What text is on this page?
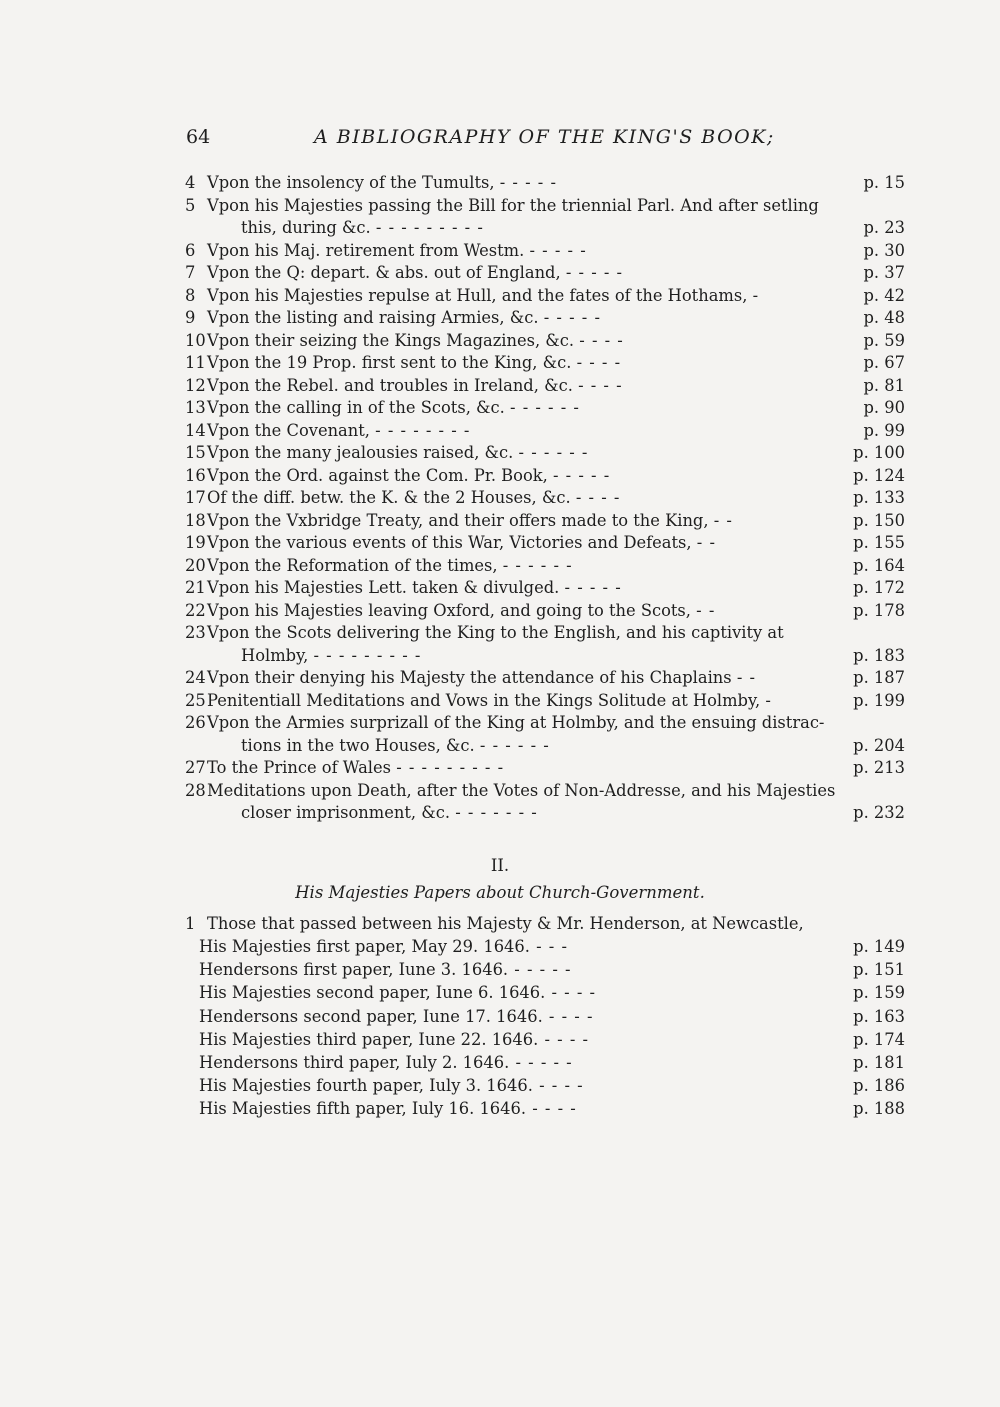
64	A BIBLIOGRAPHY OF THE KING'S BOOK;
4 Vpon the insolency of the Tumults, - - - - -	p. 15
5 Vpon his Majesties passing the Bill for the triennial Parl. And after setling
this, during &c. - - - - - - - - -	p. 23
6 Vpon his Maj. retirement from Westm. - - - - -	p. 30
7 Vpon the Q: depart. & abs. out of England, - - - - -	p. 37
8 Vpon his Majesties repulse at Hull, and the fates of the Hothams, -	p. 42
9 Vpon the listing and raising Armies, &c. - - - - -	p. 48
10 Vpon their seizing the Kings Magazines, &c. - - - -	p. 59
11 Vpon the 19 Prop. first sent to the King, &c. - - - -	p. 67
12 Vpon the Rebel. and troubles in Ireland, &c. - - - -	p. 81
13 Vpon the calling in of the Scots, &c. - - - - - -	p. 90
14 Vpon the Covenant, - - - - - - - -	p. 99
15 Vpon the many jealousies raised, &c. - - - - - -	p. 100
16 Vpon the Ord. against the Com. Pr. Book, - - - - -	p. 124
17 Of the diff. betw. the K. & the 2 Houses, &c. - - - -	p. 133
18 Vpon the Vxbridge Treaty, and their offers made to the King, - -	p. 150
19 Vpon the various events of this War, Victories and Defeats, - -	p. 155
20 Vpon the Reformation of the times, - - - - - -	p. 164
21 Vpon his Majesties Lett. taken & divulged. - - - - -	p. 172
22 Vpon his Majesties leaving Oxford, and going to the Scots, - -	p. 178
23 Vpon the Scots delivering the King to the English, and his captivity at
Holmby, - - - - - - - - -	p. 183
24 Vpon their denying his Majesty the attendance of his Chaplains - -	p. 187
25 Penitentiall Meditations and Vows in the Kings Solitude at Holmby, -	p. 199
26 Vpon the Armies surprizall of the King at Holmby, and the ensuing distrac-
tions in the two Houses, &c. - - - - - -	p. 204
27 To the Prince of Wales - - - - - - - - -	p. 213
28 Meditations upon Death, after the Votes of Non-Addresse, and his Majesties
closer imprisonment, &c. - - - - - - -	p. 232
II.
His Majesties Papers about Church-Government.
1 Those that passed between his Majesty & Mr. Henderson, at Newcastle,
His Majesties first paper, May 29. 1646. - - -	p. 149
Hendersons first paper, Iune 3. 1646. - - - - -	p. 151
His Majesties second paper, Iune 6. 1646. - - - -	p. 159
Hendersons second paper, Iune 17. 1646. - - - -	p. 163
His Majesties third paper, Iune 22. 1646. - - - -	p. 174
Hendersons third paper, Iuly 2. 1646. - - - - -	p. 181
His Majesties fourth paper, Iuly 3. 1646. - - - -	p. 186
His Majesties fifth paper, Iuly 16. 1646. - - - -	p. 188
